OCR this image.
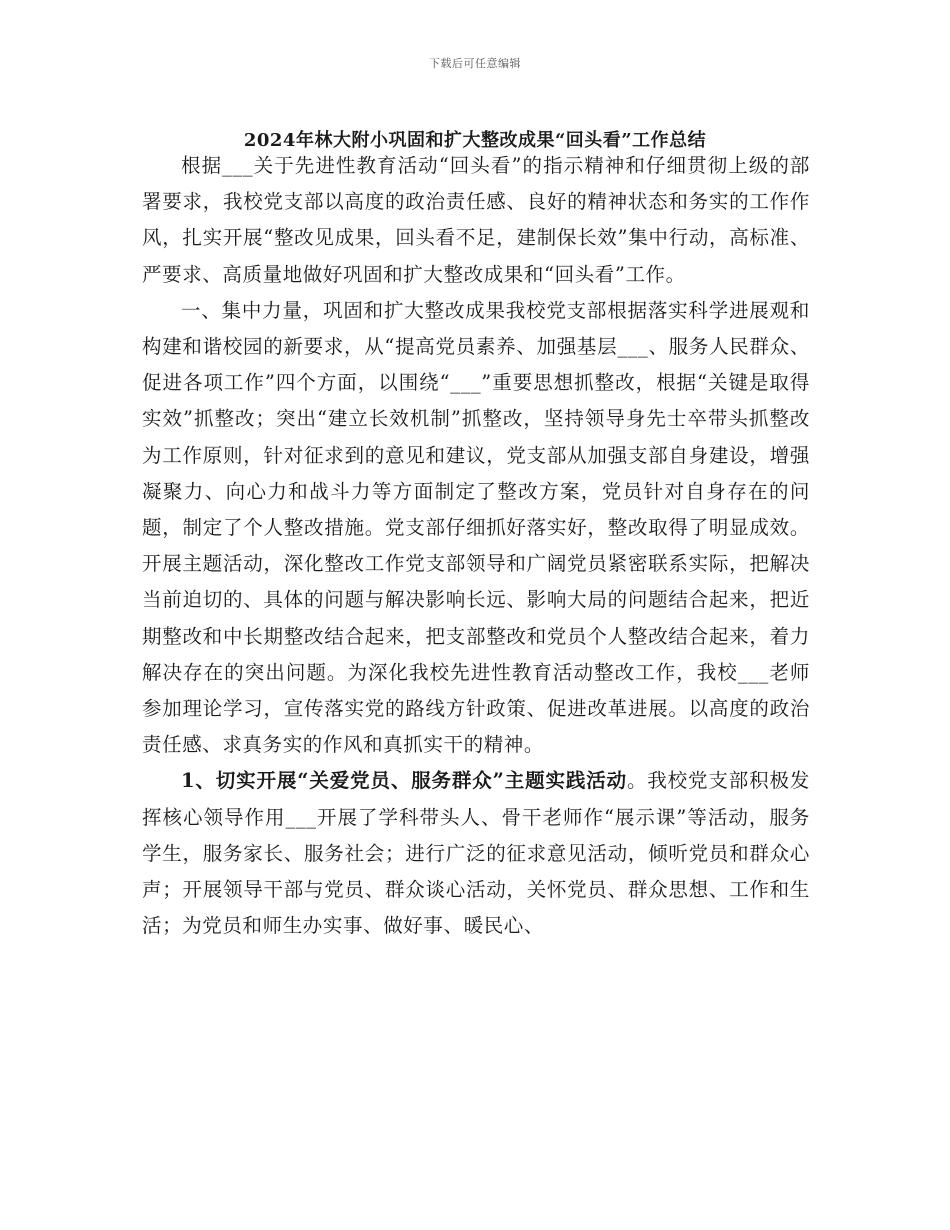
下载后可任意编辑
2024年林大附小巩固和扩大整改成果“回头看”工作总结

根据___关于先进性教育活动“回头看”的指示精神和仔细贯彻上级的部署要求，我校党支部以高度的政治责任感、良好的精神状态和务实的工作作风，扎实开展“整改见成果，回头看不足，建制保长效”集中行动，高标准、严要求、高质量地做好巩固和扩大整改成果和“回头看”工作。

一、集中力量，巩固和扩大整改成果我校党支部根据落实科学进展观和构建和谐校园的新要求，从“提高党员素养、加强基层___、服务人民群众、促进各项工作”四个方面，以围绕“___”重要思想抓整改，根据“关键是取得实效”抓整改；突出“建立长效机制”抓整改，坚持领导身先士卒带头抓整改为工作原则，针对征求到的意见和建议，党支部从加强支部自身建设，增强凝聚力、向心力和战斗力等方面制定了整改方案，党员针对自身存在的问题，制定了个人整改措施。党支部仔细抓好落实好，整改取得了明显成效。开展主题活动，深化整改工作党支部领导和广阔党员紧密联系实际，把解决当前迫切的、具体的问题与解决影响长远、影响大局的问题结合起来，把近期整改和中长期整改结合起来，把支部整改和党员个人整改结合起来，着力解决存在的突出问题。为深化我校先进性教育活动整改工作，我校___老师参加理论学习，宣传落实党的路线方针政策、促进改革进展。以高度的政治责任感、求真务实的作风和真抓实干的精神。

1、切实开展“关爱党员、服务群众”主题实践活动。我校党支部积极发挥核心领导作用___开展了学科带头人、骨干老师作“展示课”等活动，服务学生，服务家长、服务社会；进行广泛的征求意见活动，倾听党员和群众心声；开展领导干部与党员、群众谈心活动，关怀党员、群众思想、工作和生活；为党员和师生办实事、做好事、暖民心、
